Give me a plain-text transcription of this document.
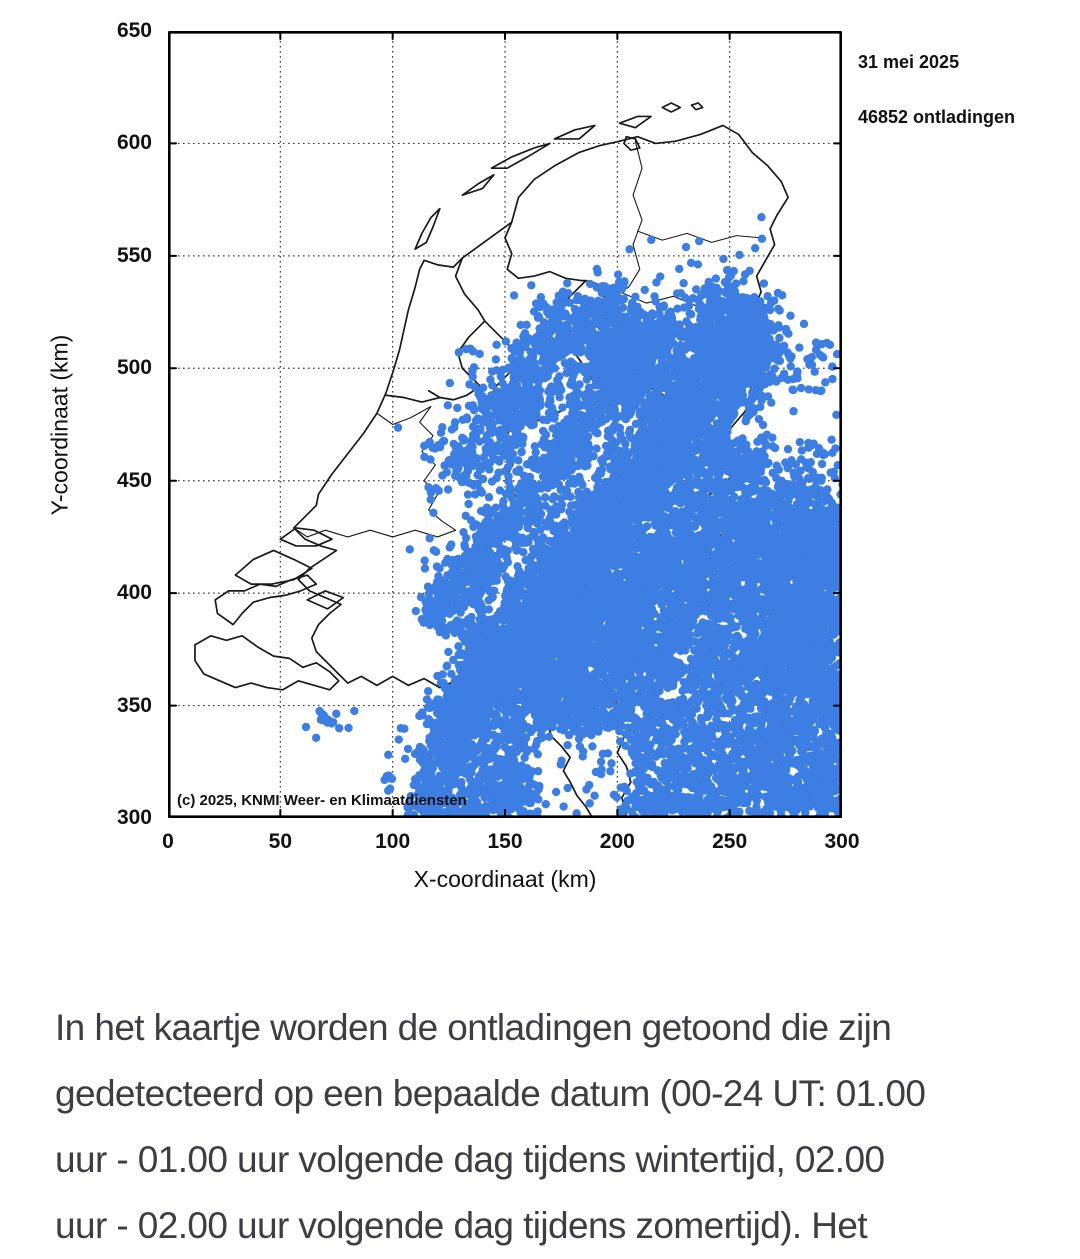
Y-coordinaat (km)
X-coordinaat (km)
31 mei 2025
46852 ontladingen
(c) 2025, KNMI Weer- en Klimaatdiensten
0	50	100	150	200	250	300
300
350
400
450
500
550
600
650
In het kaartje worden de ontladingen getoond die zijn
gedetecteerd op een bepaalde datum (00-24 UT: 01.00
uur - 01.00 uur volgende dag tijdens wintertijd, 02.00
uur - 02.00 uur volgende dag tijdens zomertijd). Het
